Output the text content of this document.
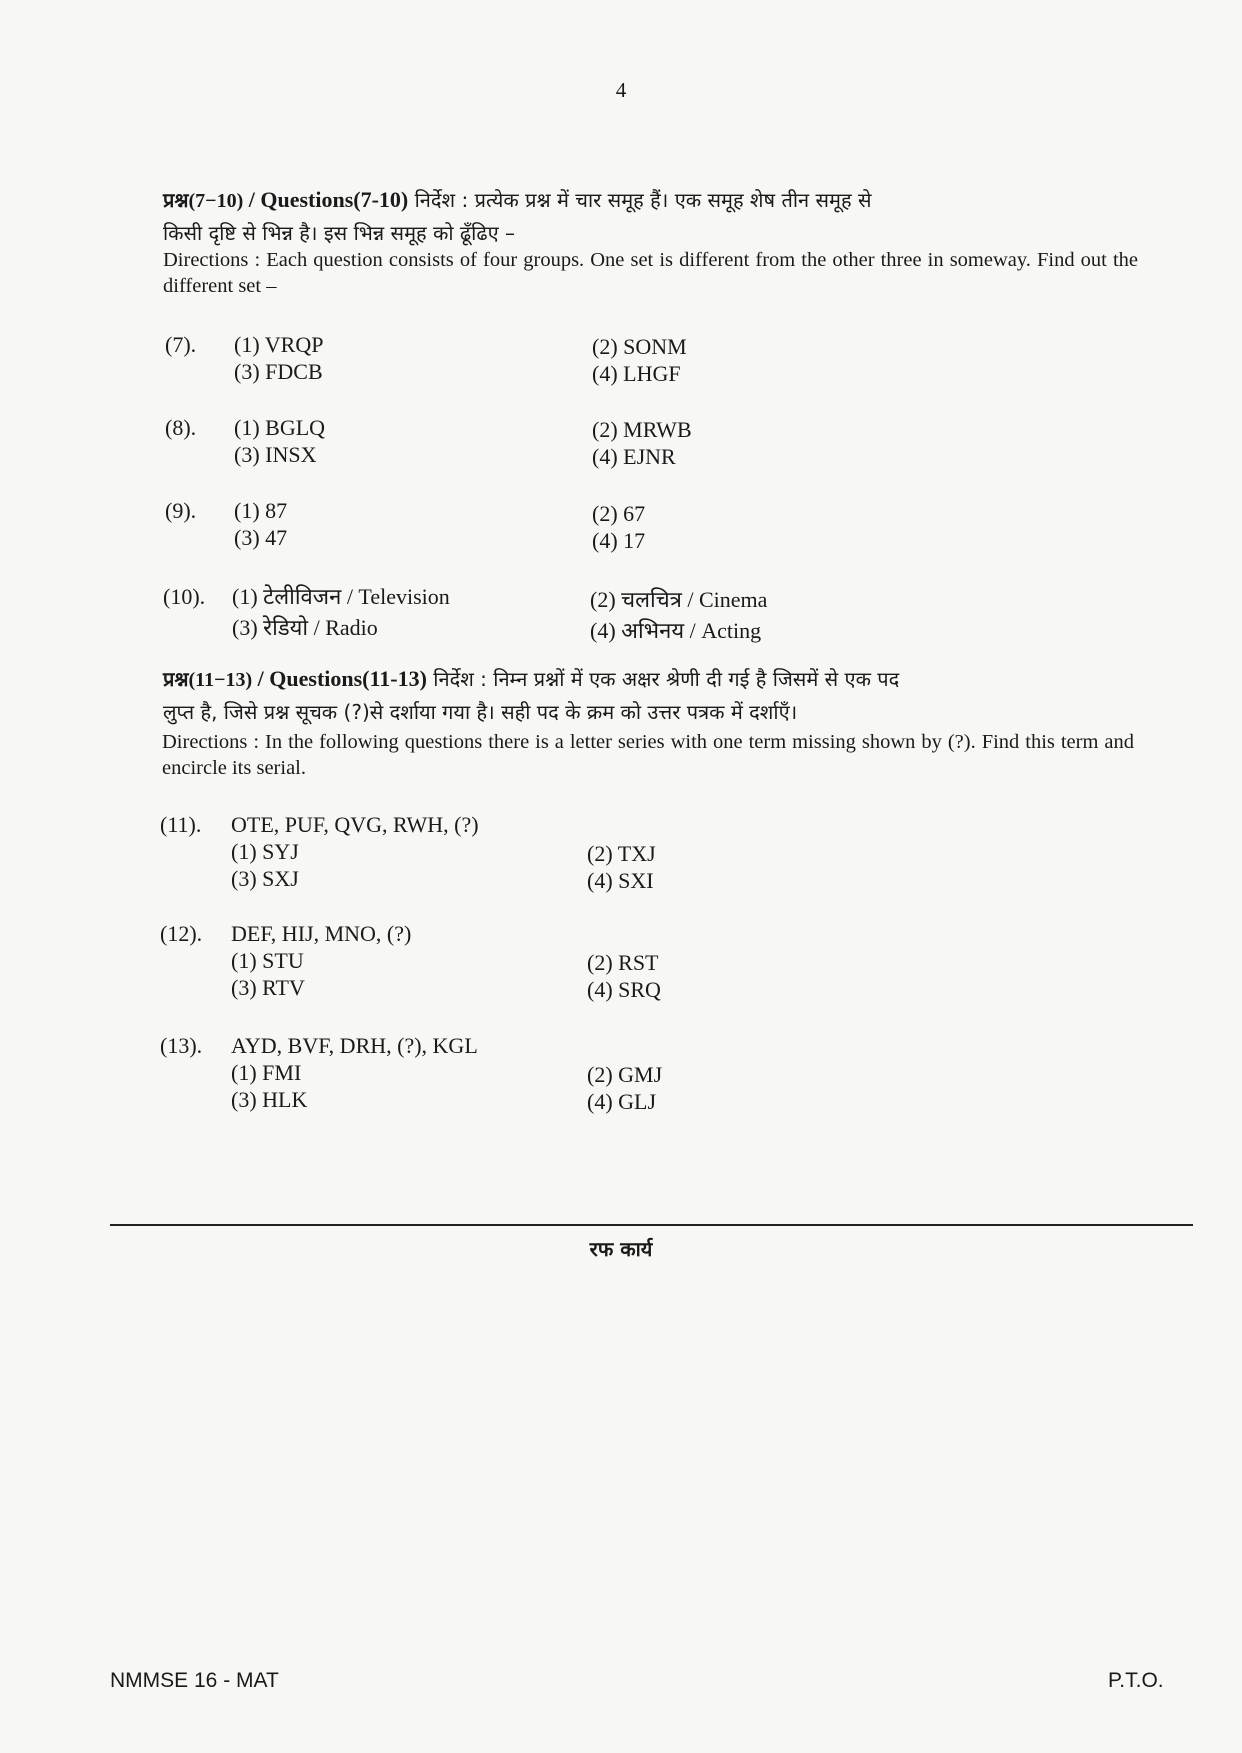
4
प्रश्न(7−10) / Questions(7-10) निर्देश : प्रत्येक प्रश्न में चार समूह हैं। एक समूह शेष तीन समूह से
किसी दृष्टि से भिन्न है। इस भिन्न समूह को ढूँढिए –
Directions : Each question consists of four groups. One set is different from the other three in someway. Find out the different set –
(7). (1) VRQP	(2) SONM
(3) FDCB	(4) LHGF
(8). (1) BGLQ	(2) MRWB
(3) INSX	(4) EJNR
(9). (1) 87	(2) 67
(3) 47	(4) 17
(10). (1) टेलीविजन / Television	(2) चलचित्र / Cinema
(3) रेडियो / Radio	(4) अभिनय / Acting
प्रश्न(11−13) / Questions(11-13) निर्देश : निम्न प्रश्नों में एक अक्षर श्रेणी दी गई है जिसमें से एक पद
लुप्त है, जिसे प्रश्न सूचक (?)से दर्शाया गया है। सही पद के क्रम को उत्तर पत्रक में दर्शाएँ।
Directions : In the following questions there is a letter series with one term missing shown by (?). Find this term and encircle its serial.
(11). OTE, PUF, QVG, RWH, (?)
(1) SYJ	(2) TXJ
(3) SXJ	(4) SXI
(12). DEF, HIJ, MNO, (?)
(1) STU	(2) RST
(3) RTV	(4) SRQ
(13). AYD, BVF, DRH, (?), KGL
(1) FMI	(2) GMJ
(3) HLK	(4) GLJ
रफ कार्य
NMMSE 16 - MAT	P.T.O.
